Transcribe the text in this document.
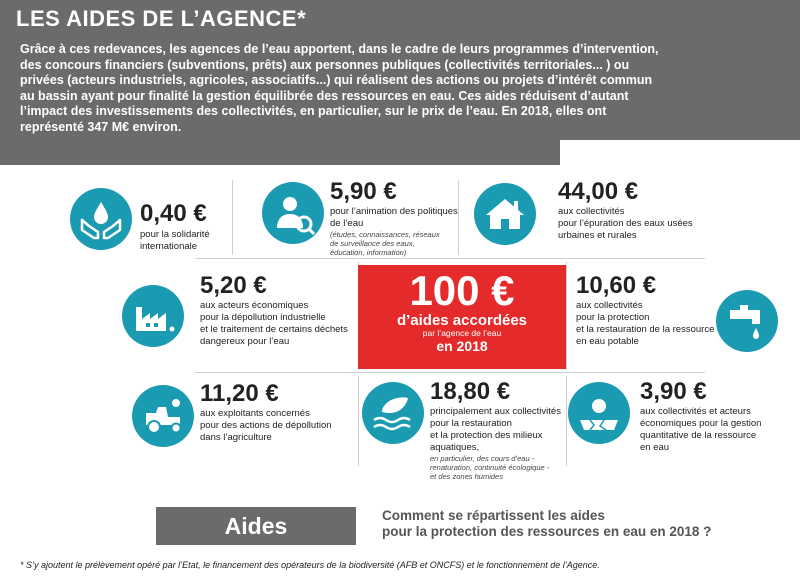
LES AIDES DE L’AGENCE*
Grâce à ces redevances, les agences de l’eau apportent, dans le cadre de leurs programmes d’intervention, des concours financiers (subventions, prêts) aux personnes publiques (collectivités territoriales... ) ou privées (acteurs industriels, agricoles, associatifs...) qui réalisent des actions ou projets d’intérêt commun au bassin ayant pour finalité la gestion équilibrée des ressources en eau. Ces aides réduisent d’autant l’impact des investissements des collectivités, en particulier, sur le prix de l’eau. En 2018, elles ont représenté 347 M€ environ.
0,40 €
pour la solidarité
internationale
5,90 €
pour l’animation des politiques
de l’eau
(études, connaissances, réseaux de surveillance des eaux, éducation, information)
44,00 €
aux collectivités
pour l’épuration des eaux usées
urbaines et rurales
5,20 €
aux acteurs économiques
pour la dépollution industrielle
et le traitement de certains déchets
dangereux pour l’eau
100 €
d’aides accordées
par l’agence de l’eau
en 2018
10,60 €
aux collectivités
pour la protection
et la restauration de la ressource
en eau potable
11,20 €
aux exploitants concernés
pour des actions de dépollution
dans l’agriculture
18,80 €
principalement aux collectivités
pour la restauration
et la protection des milieux
aquatiques,
en particulier, des cours d’eau - renaturation, continuité écologique - et des zones humides
3,90 €
aux collectivités et acteurs
économiques pour la gestion
quantitative de la ressource
en eau
Aides	Comment se répartissent les aides
pour la protection des ressources en eau en 2018 ?
* S’y ajoutent le prélèvement opéré par l’Etat, le financement des opérateurs de la biodiversité (AFB et ONCFS) et le fonctionnement de l’Agence.
